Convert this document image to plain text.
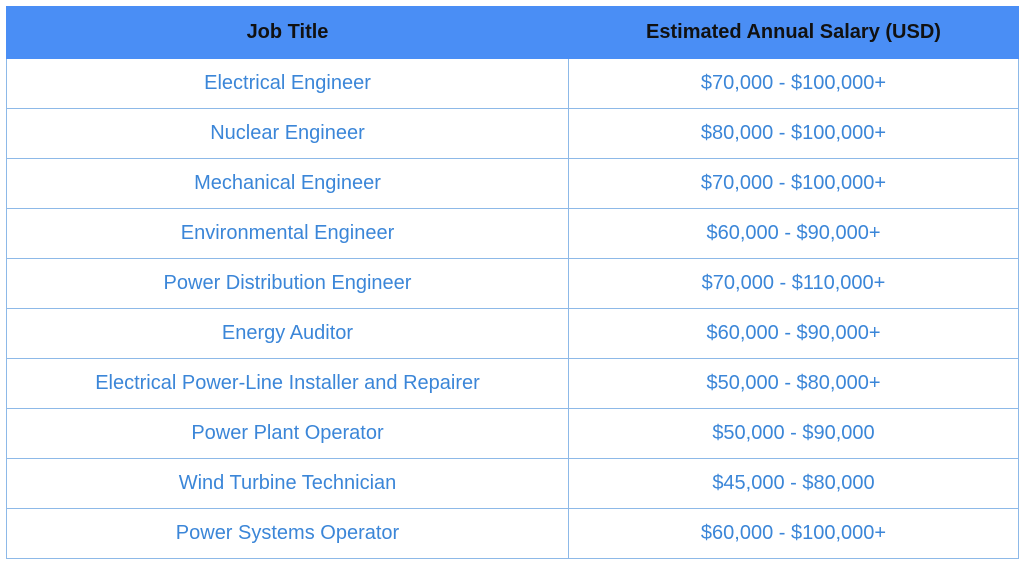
Job Title	Estimated Annual Salary (USD)
Electrical Engineer	$70,000 - $100,000+
Nuclear Engineer	$80,000 - $100,000+
Mechanical Engineer	$70,000 - $100,000+
Environmental Engineer	$60,000 - $90,000+
Power Distribution Engineer	$70,000 - $110,000+
Energy Auditor	$60,000 - $90,000+
Electrical Power-Line Installer and Repairer	$50,000 - $80,000+
Power Plant Operator	$50,000 - $90,000
Wind Turbine Technician	$45,000 - $80,000
Power Systems Operator	$60,000 - $100,000+
